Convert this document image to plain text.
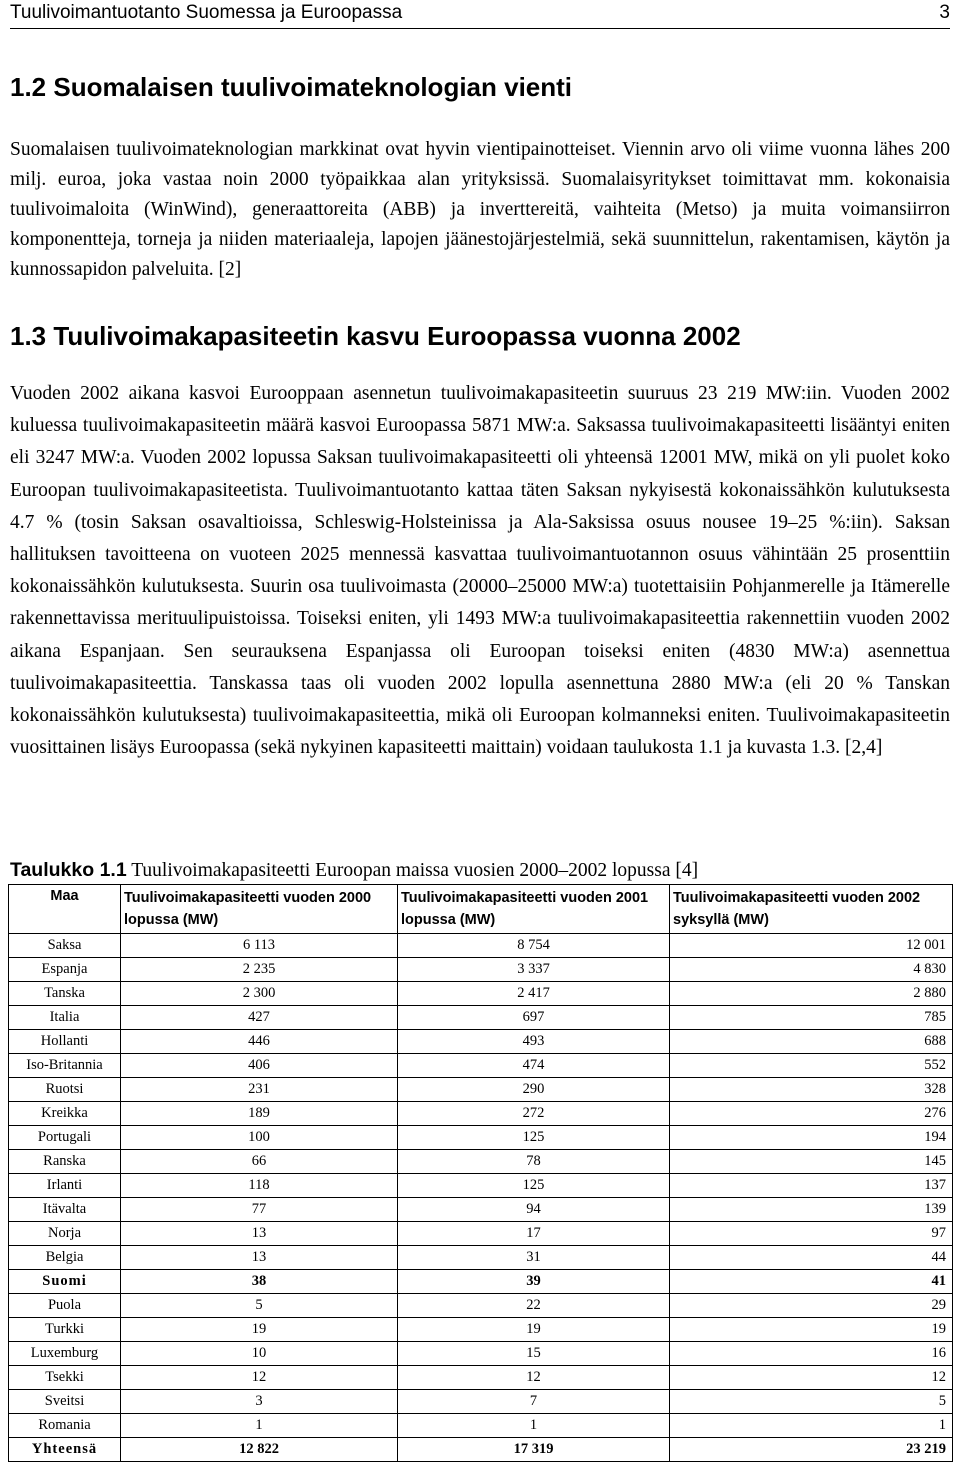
Tuulivoimantuotanto Suomessa ja Euroopassa	3
1.2 Suomalaisen tuulivoimateknologian vienti

Suomalaisen tuulivoimateknologian markkinat ovat hyvin vientipainotteiset. Viennin arvo oli viime vuonna lähes 200 milj. euroa, joka vastaa noin 2000 työpaikkaa alan yrityksissä. Suomalaisyritykset toimittavat mm. kokonaisia tuulivoimaloita (WinWind), generaattoreita (ABB) ja inverttereitä, vaihteita (Metso) ja muita voimansiirron komponentteja, torneja ja niiden materiaaleja, lapojen jäänestojärjestelmiä, sekä suunnittelun, rakentamisen, käytön ja kunnossapidon palveluita. [2]

1.3 Tuulivoimakapasiteetin kasvu Euroopassa vuonna 2002

Vuoden 2002 aikana kasvoi Eurooppaan asennetun tuulivoimakapasiteetin suuruus 23 219 MW:iin. Vuoden 2002 kuluessa tuulivoimakapasiteetin määrä kasvoi Euroopassa 5871 MW:a. Saksassa tuulivoimakapasiteetti lisääntyi eniten eli 3247 MW:a. Vuoden 2002 lopussa Saksan tuulivoimakapasiteetti oli yhteensä 12001 MW, mikä on yli puolet koko Euroopan tuulivoimakapasiteetista. Tuulivoimantuotanto kattaa täten Saksan nykyisestä kokonaissähkön kulutuksesta 4.7 % (tosin Saksan osavaltioissa, Schleswig-Holsteinissa ja Ala-Saksissa osuus nousee 19–25 %:iin). Saksan hallituksen tavoitteena on vuoteen 2025 mennessä kasvattaa tuulivoimantuotannon osuus vähintään 25 prosenttiin kokonaissähkön kulutuksesta. Suurin osa tuulivoimasta (20000–25000 MW:a) tuotettaisiin Pohjanmerelle ja Itämerelle rakennettavissa merituulipuistoissa. Toiseksi eniten, yli 1493 MW:a tuulivoimakapasiteettia rakennettiin vuoden 2002 aikana Espanjaan. Sen seurauksena Espanjassa oli Euroopan toiseksi eniten (4830 MW:a) asennettua tuulivoimakapasiteettia. Tanskassa taas oli vuoden 2002 lopulla asennettuna 2880 MW:a (eli 20 % Tanskan kokonaissähkön kulutuksesta) tuulivoimakapasiteettia, mikä oli Euroopan kolmanneksi eniten. Tuulivoimakapasiteetin vuosittainen lisäys Euroopassa (sekä nykyinen kapasiteetti maittain) voidaan taulukosta 1.1 ja kuvasta 1.3. [2,4]

Taulukko 1.1 Tuulivoimakapasiteetti Euroopan maissa vuosien 2000–2002 lopussa [4]
Maa	Tuulivoimakapasiteetti vuoden 2000 lopussa (MW)	Tuulivoimakapasiteetti vuoden 2001 lopussa (MW)	Tuulivoimakapasiteetti vuoden 2002 syksyllä (MW)
Saksa	6 113	8 754	12 001
Espanja	2 235	3 337	4 830
Tanska	2 300	2 417	2 880
Italia	427	697	785
Hollanti	446	493	688
Iso-Britannia	406	474	552
Ruotsi	231	290	328
Kreikka	189	272	276
Portugali	100	125	194
Ranska	66	78	145
Irlanti	118	125	137
Itävalta	77	94	139
Norja	13	17	97
Belgia	13	31	44
Suomi	38	39	41
Puola	5	22	29
Turkki	19	19	19
Luxemburg	10	15	16
Tsekki	12	12	12
Sveitsi	3	7	5
Romania	1	1	1
Yhteensä	12 822	17 319	23 219
